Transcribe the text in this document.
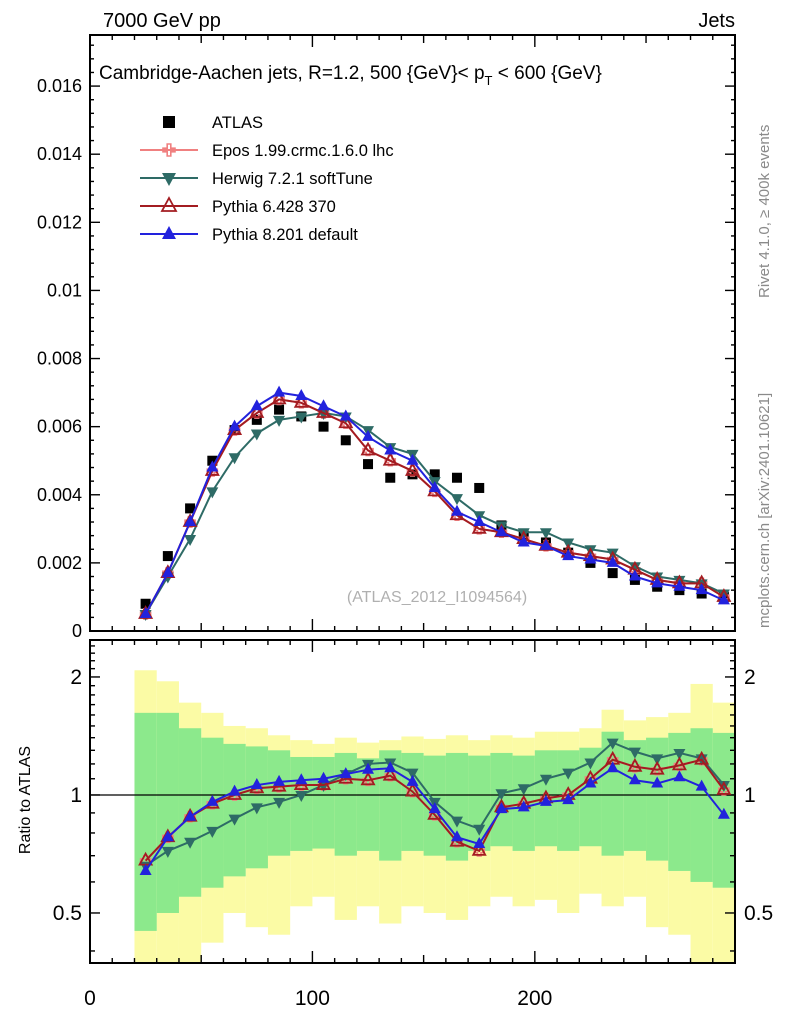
0
0.002
0.004
0.006
0.008
0.01
0.012
0.014
0.016
0.5	0.5
1	1
2	2
0	100	200
ATLAS
Epos 1.99.crmc.1.6.0 lhc
Herwig 7.2.1 softTune
Pythia 6.428 370
Pythia 8.201 default
7000 GeV pp	Jets
Cambridge-Aachen jets, R=1.2, 500 $\{GeV\}< p_T < 600$ {GeV}
(ATLAS_2012_I1094564)
Rivet 4.1.0, ≥ 400k events
mcplots.cern.ch [arXiv:2401.10621]
Ratio to ATLAS
